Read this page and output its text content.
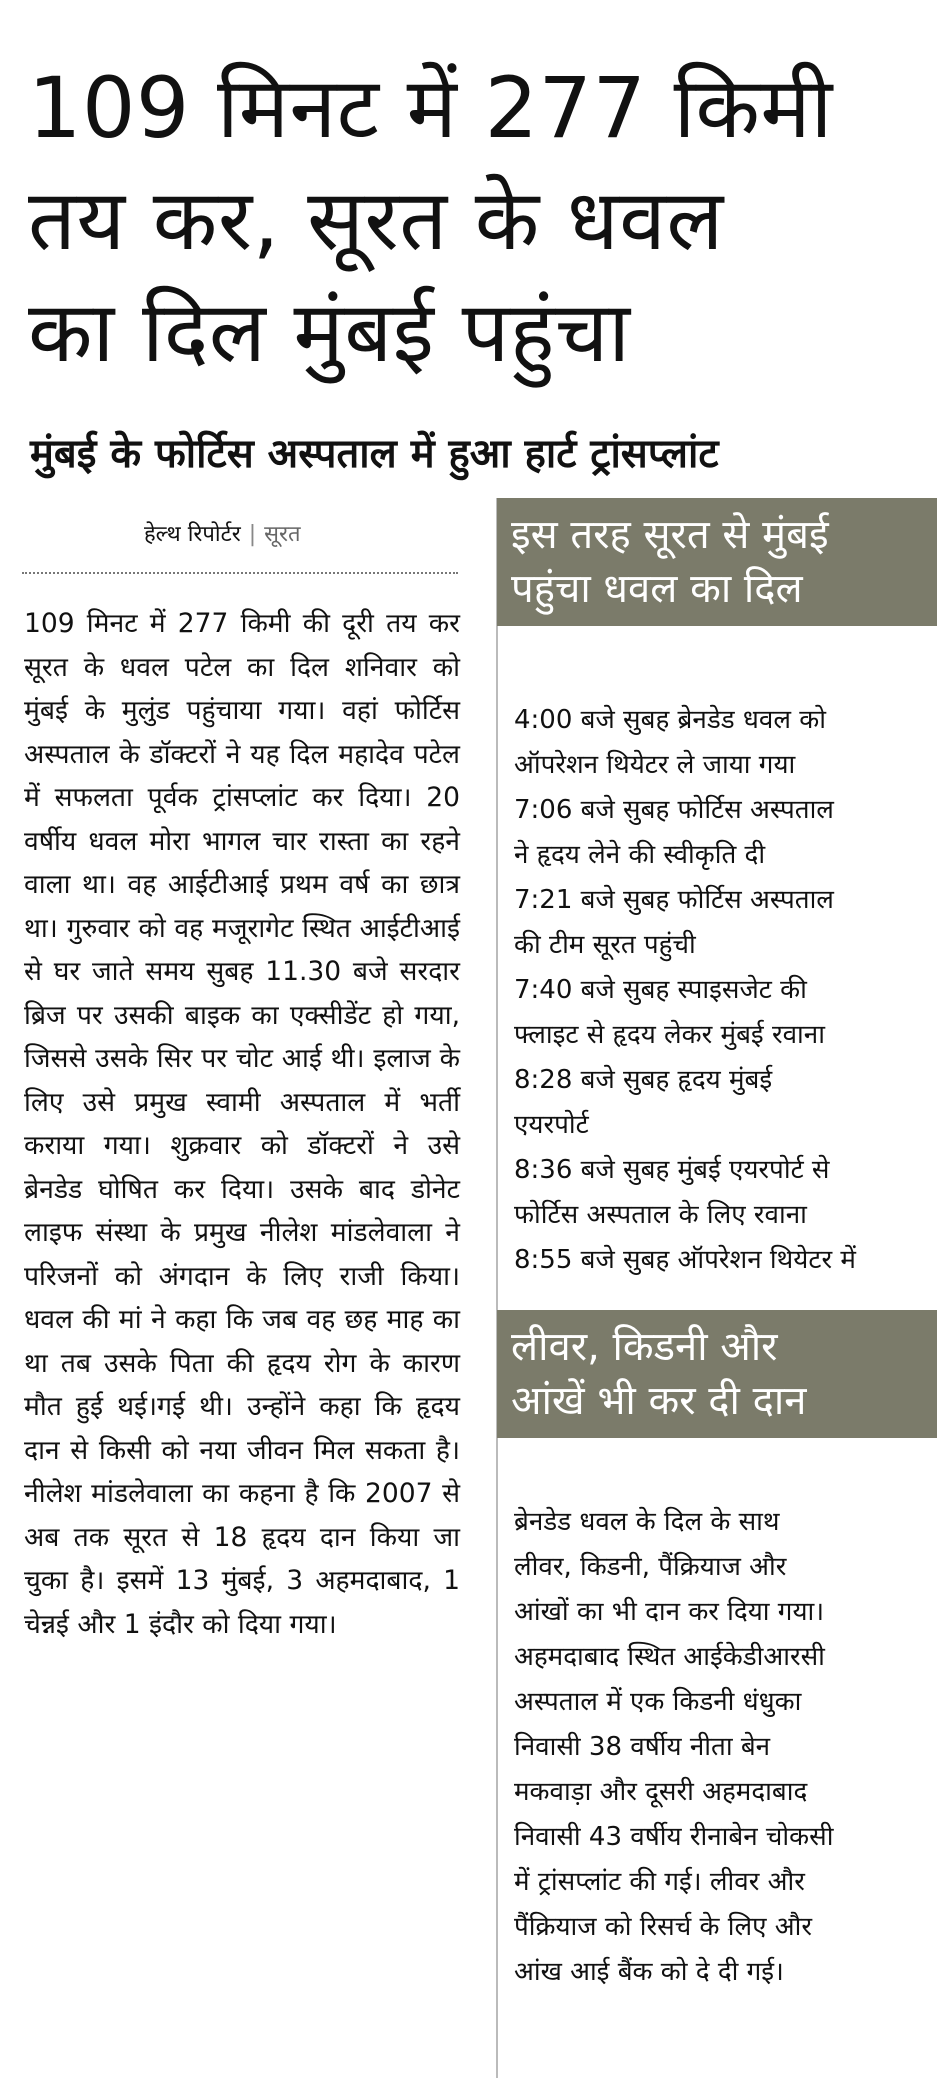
109 मिनट में 277 किमी
तय कर, सूरत के धवल
का दिल मुंबई पहुंचा
मुंबई के फोर्टिस अस्पताल में हुआ हार्ट ट्रांसप्लांट
हेल्थ रिपोर्टर | सूरत

109 मिनट में 277 किमी की दूरी तय कर सूरत के धवल पटेल का दिल शनिवार को मुंबई के मुलुंड पहुंचाया गया। वहां फोर्टिस अस्पताल के डॉक्टरों ने यह दिल महादेव पटेल में सफलता पूर्वक ट्रांसप्लांट कर दिया। 20 वर्षीय धवल मोरा भागल चार रास्ता का रहने वाला था। वह आईटीआई प्रथम वर्ष का छात्र था। गुरुवार को वह मजूरागेट स्थित आईटीआई से घर जाते समय सुबह 11.30 बजे सरदार ब्रिज पर उसकी बाइक का एक्सीडेंट हो गया, जिससे उसके सिर पर चोट आई थी। इलाज के लिए उसे प्रमुख स्वामी अस्पताल में भर्ती कराया गया। शुक्रवार को डॉक्टरों ने उसे ब्रेनडेड घोषित कर दिया। उसके बाद डोनेट लाइफ संस्था के प्रमुख नीलेश मांडलेवाला ने परिजनों को अंगदान के लिए राजी किया। धवल की मां ने कहा कि जब वह छह माह का था तब उसके पिता की हृदय रोग के कारण मौत हुई थई।गई थी। उन्होंने कहा कि हृदय दान से किसी को नया जीवन मिल सकता है। नीलेश मांडलेवाला का कहना है कि 2007 से अब तक सूरत से 18 हृदय दान किया जा चुका है। इसमें 13 मुंबई, 3 अहमदाबाद, 1 चेन्नई और 1 इंदौर को दिया गया।

इस तरह सूरत से मुंबई
पहुंचा धवल का दिल
4:00 बजे सुबह ब्रेनडेड धवल को
ऑपरेशन थियेटर ले जाया गया
7:06 बजे सुबह फोर्टिस अस्पताल
ने हृदय लेने की स्वीकृति दी
7:21 बजे सुबह फोर्टिस अस्पताल
की टीम सूरत पहुंची
7:40 बजे सुबह स्पाइसजेट की
फ्लाइट से हृदय लेकर मुंबई रवाना
8:28 बजे सुबह हृदय मुंबई
एयरपोर्ट
8:36 बजे सुबह मुंबई एयरपोर्ट से
फोर्टिस अस्पताल के लिए रवाना
8:55 बजे सुबह ऑपरेशन थियेटर में
लीवर, किडनी और
आंखें भी कर दी दान
ब्रेनडेड धवल के दिल के साथ
लीवर, किडनी, पैंक्रियाज और
आंखों का भी दान कर दिया गया।
अहमदाबाद स्थित आईकेडीआरसी
अस्पताल में एक किडनी धंधुका
निवासी 38 वर्षीय नीता बेन
मकवाड़ा और दूसरी अहमदाबाद
निवासी 43 वर्षीय रीनाबेन चोकसी
में ट्रांसप्लांट की गई। लीवर और
पैंक्रियाज को रिसर्च के लिए और
आंख आई बैंक को दे दी गई।
